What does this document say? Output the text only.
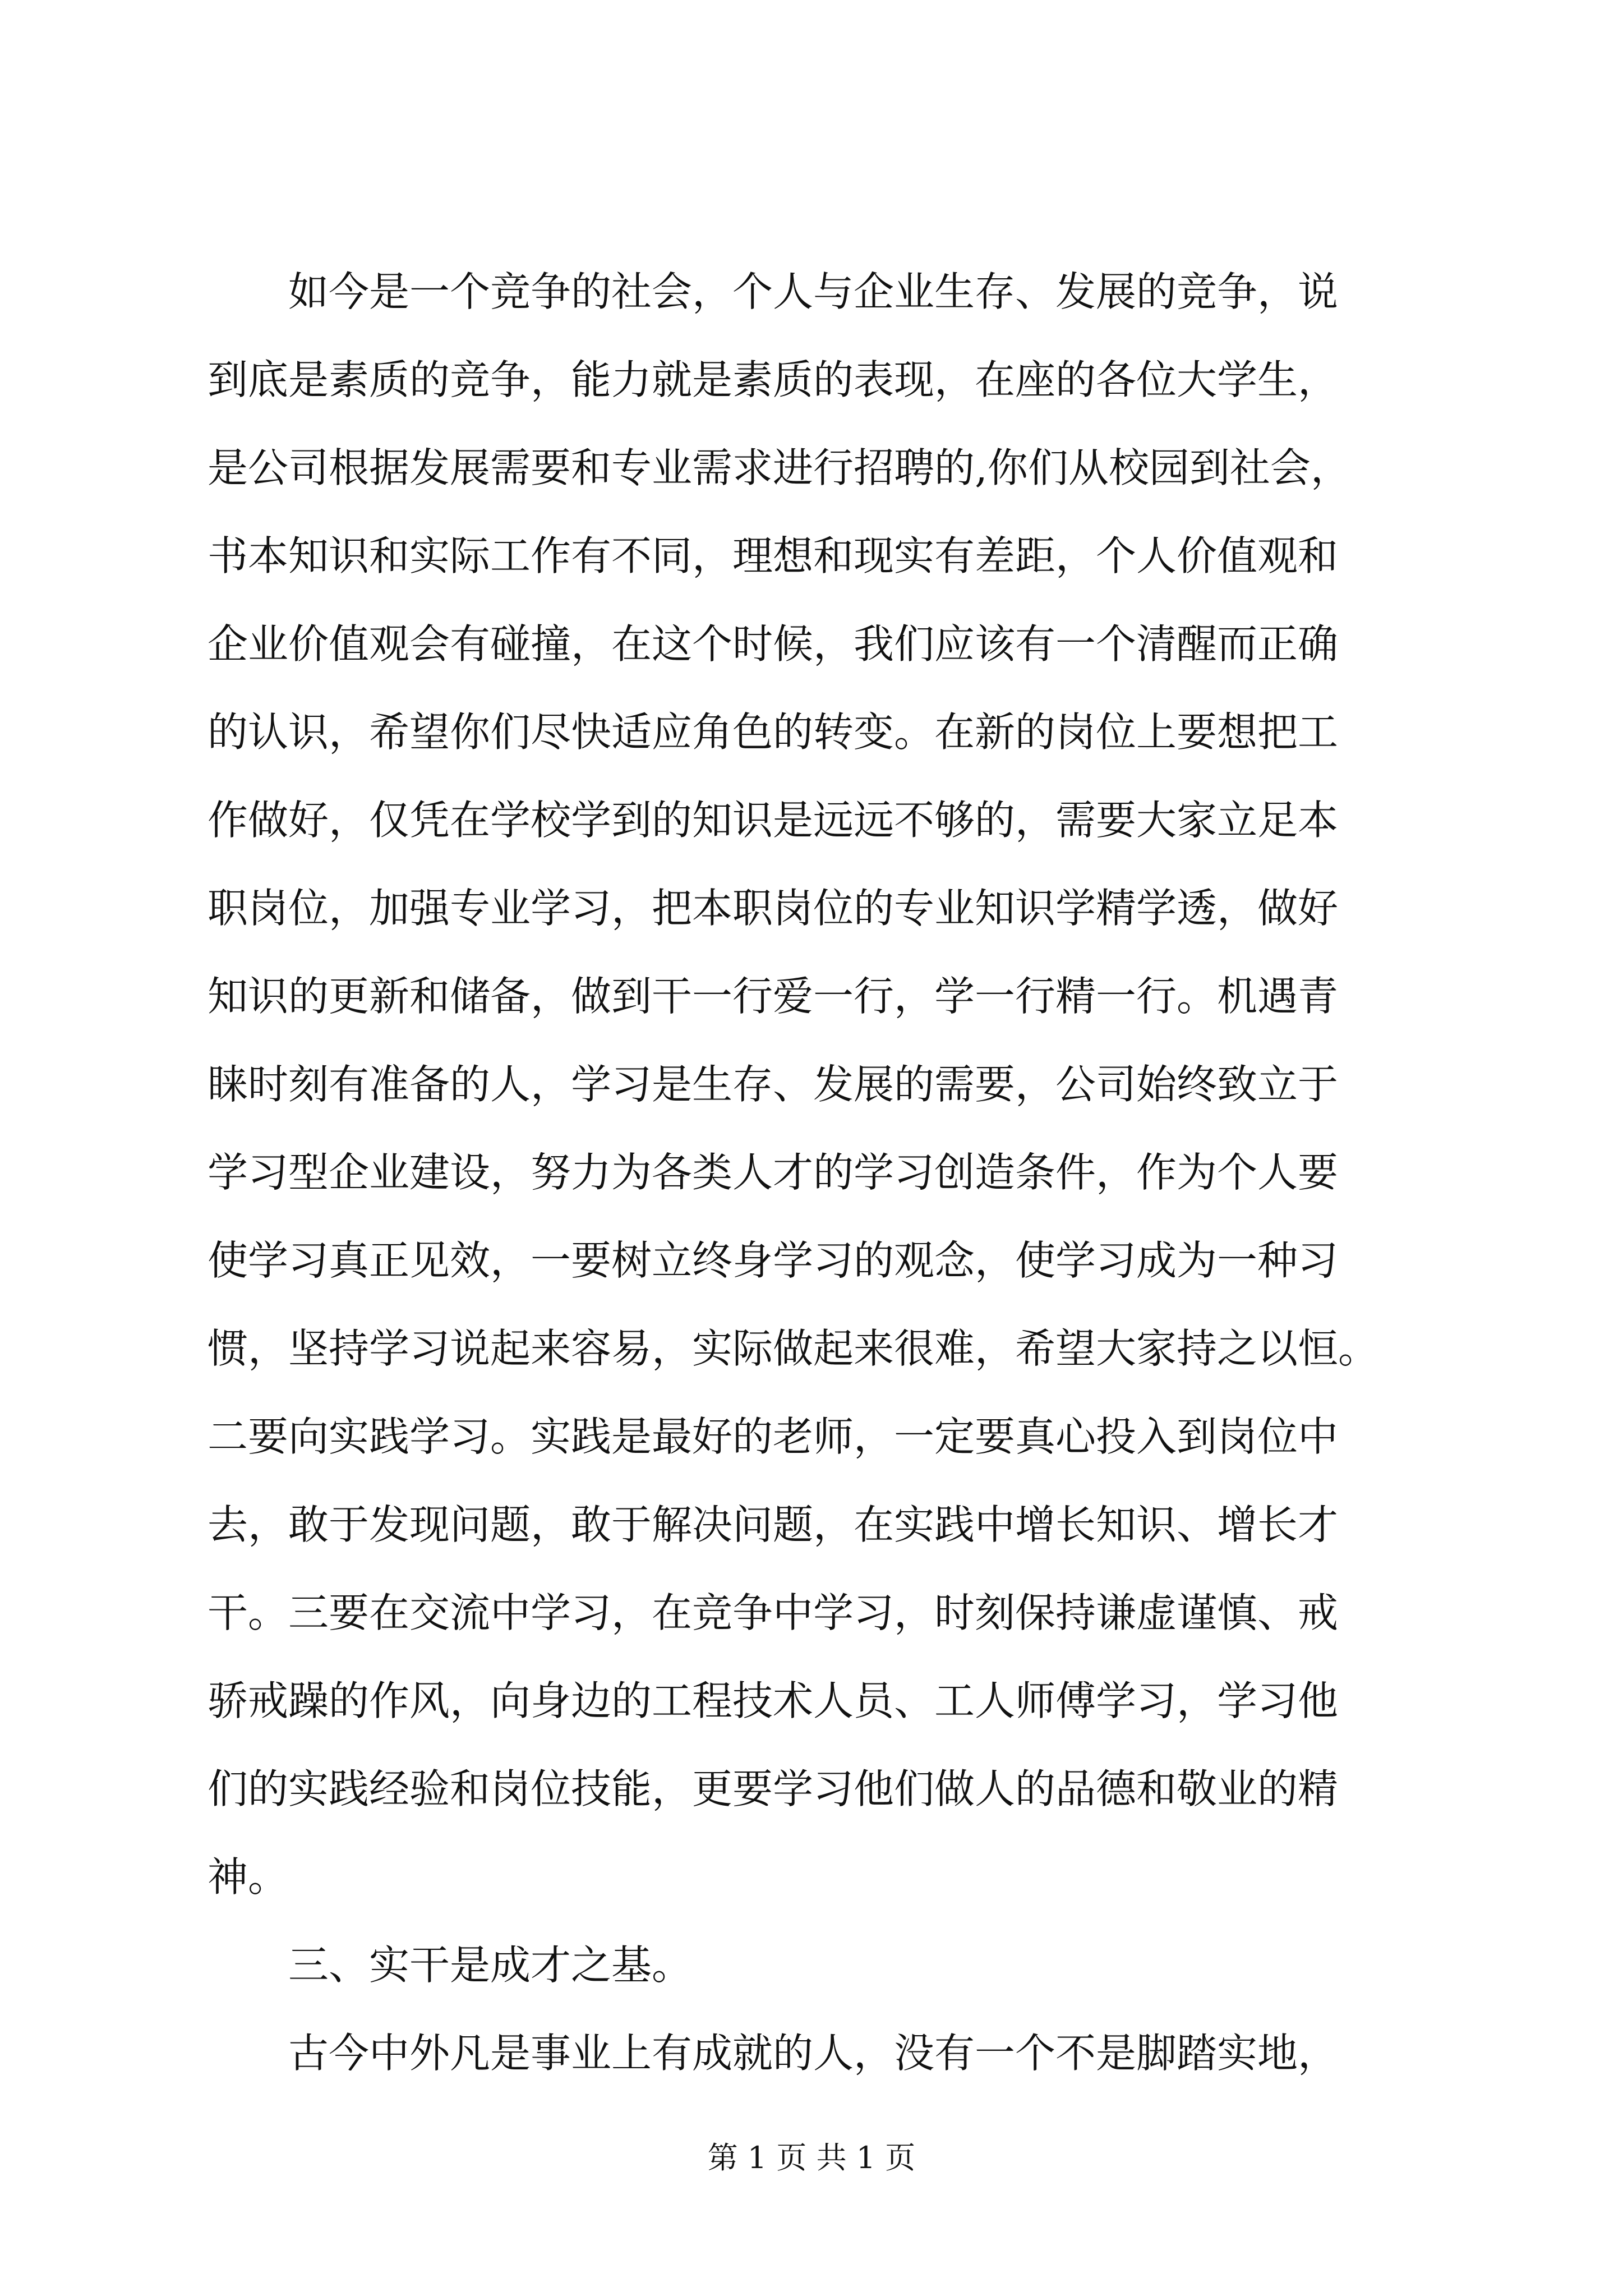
　　如今是一个竞争的社会，个人与企业生存、发展的竞争，说
到底是素质的竞争，能力就是素质的表现，在座的各位大学生，
是公司根据发展需要和专业需求进行招聘的,你们从校园到社会，
书本知识和实际工作有不同，理想和现实有差距，个人价值观和
企业价值观会有碰撞，在这个时候，我们应该有一个清醒而正确
的认识，希望你们尽快适应角色的转变。在新的岗位上要想把工
作做好，仅凭在学校学到的知识是远远不够的，需要大家立足本
职岗位，加强专业学习，把本职岗位的专业知识学精学透，做好
知识的更新和储备，做到干一行爱一行，学一行精一行。机遇青
睐时刻有准备的人，学习是生存、发展的需要，公司始终致立于
学习型企业建设，努力为各类人才的学习创造条件，作为个人要
使学习真正见效，一要树立终身学习的观念，使学习成为一种习
惯，坚持学习说起来容易，实际做起来很难，希望大家持之以恒。
二要向实践学习。实践是最好的老师，一定要真心投入到岗位中
去，敢于发现问题，敢于解决问题，在实践中增长知识、增长才
干。三要在交流中学习，在竞争中学习，时刻保持谦虚谨慎、戒
骄戒躁的作风，向身边的工程技术人员、工人师傅学习，学习他
们的实践经验和岗位技能，更要学习他们做人的品德和敬业的精
神。
　　三、实干是成才之基。
　　古今中外凡是事业上有成就的人，没有一个不是脚踏实地，
第 1 页 共 1 页
